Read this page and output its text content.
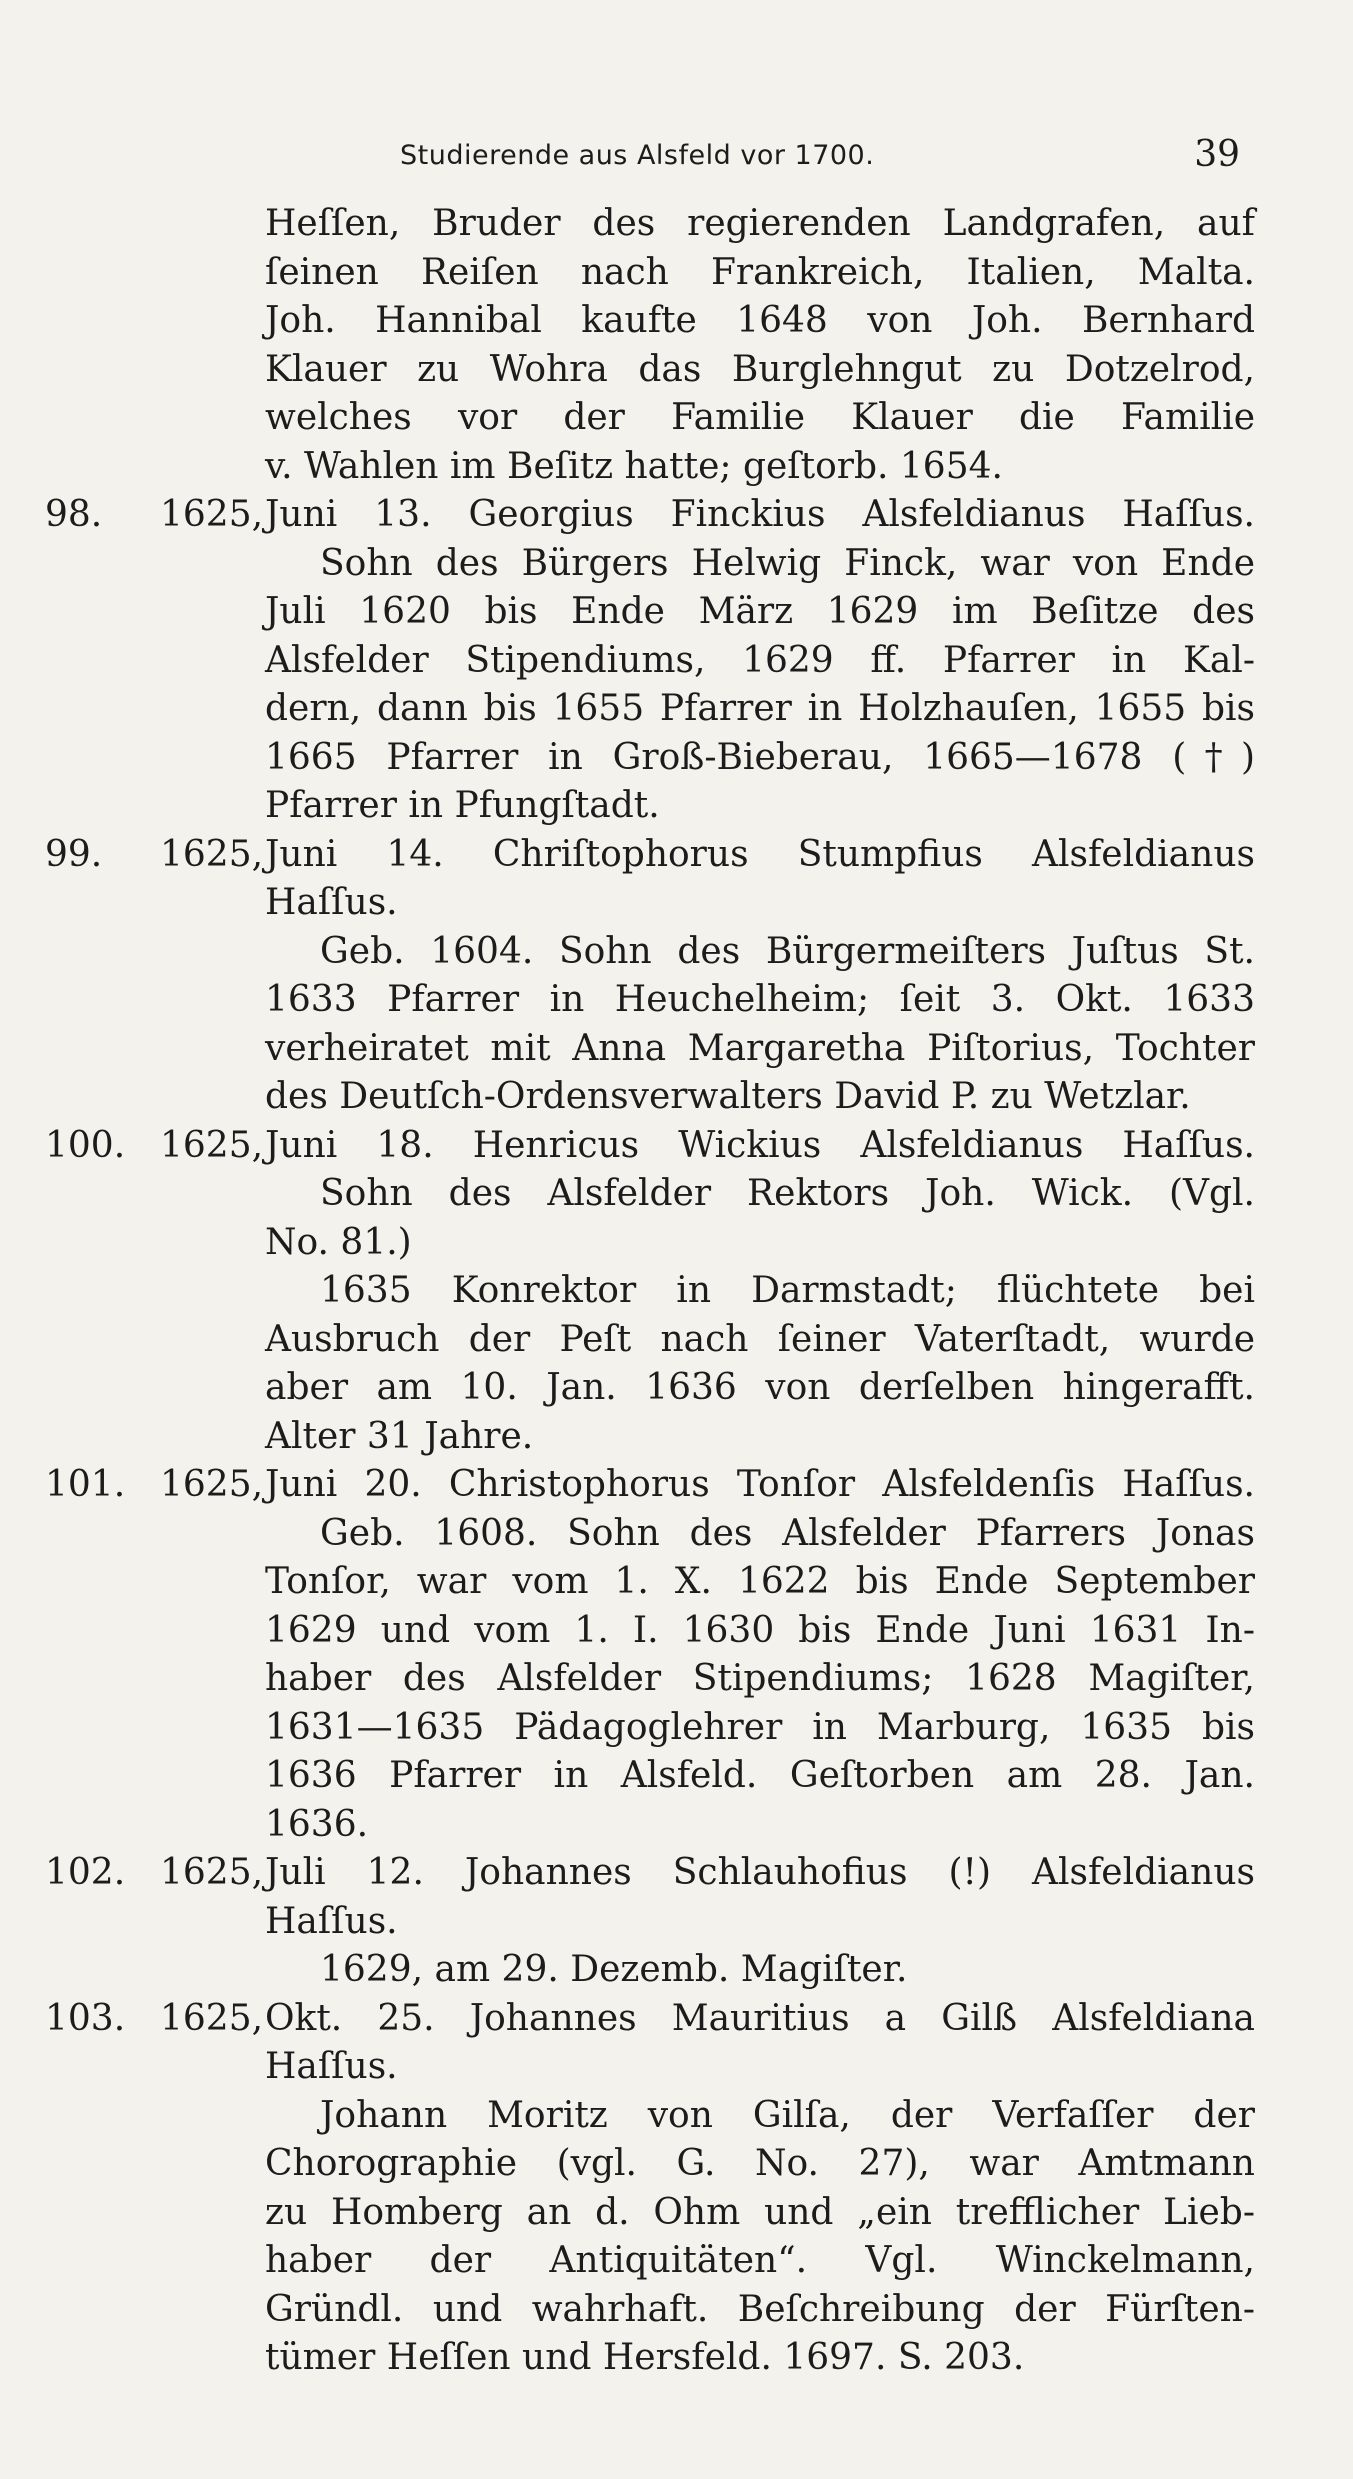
Studierende aus Alsfeld vor 1700.	39
Heſſen, Bruder des regierenden Landgrafen, auf
ſeinen Reiſen nach Frankreich, Italien, Malta.
Joh. Hannibal kaufte 1648 von Joh. Bernhard
Klauer zu Wohra das Burglehngut zu Dotzelrod,
welches vor der Familie Klauer die Familie
v. Wahlen im Beſitz hatte; geſtorb. 1654.
98. 1625, Juni 13. Georgius Finckius Alsfeldianus Haſſus.
Sohn des Bürgers Helwig Finck, war von Ende
Juli 1620 bis Ende März 1629 im Beſitze des
Alsfelder Stipendiums, 1629 ff. Pfarrer in Kal-
dern, dann bis 1655 Pfarrer in Holzhauſen, 1655 bis
1665 Pfarrer in Groß-Bieberau, 1665—1678 (†)
Pfarrer in Pfungſtadt.
99. 1625, Juni 14. Chriſtophorus Stumpfius Alsfeldianus
Haſſus.
Geb. 1604. Sohn des Bürgermeiſters Juſtus St.
1633 Pfarrer in Heuchelheim; ſeit 3. Okt. 1633
verheiratet mit Anna Margaretha Piſtorius, Tochter
des Deutſch-Ordensverwalters David P. zu Wetzlar.
100. 1625, Juni 18. Henricus Wickius Alsfeldianus Haſſus.
Sohn des Alsfelder Rektors Joh. Wick. (Vgl.
No. 81.)
1635 Konrektor in Darmstadt; flüchtete bei
Ausbruch der Peſt nach ſeiner Vaterſtadt, wurde
aber am 10. Jan. 1636 von derſelben hingerafft.
Alter 31 Jahre.
101. 1625, Juni 20. Christophorus Tonſor Alsfeldenſis Haſſus.
Geb. 1608. Sohn des Alsfelder Pfarrers Jonas
Tonſor, war vom 1. X. 1622 bis Ende September
1629 und vom 1. I. 1630 bis Ende Juni 1631 In-
haber des Alsfelder Stipendiums; 1628 Magiſter,
1631—1635 Pädagoglehrer in Marburg, 1635 bis
1636 Pfarrer in Alsfeld. Geſtorben am 28. Jan.
1636.
102. 1625, Juli 12. Johannes Schlauhofius (!) Alsfeldianus
Haſſus.
1629, am 29. Dezemb. Magiſter.
103. 1625, Okt. 25. Johannes Mauritius a Gilß Alsfeldiana
Haſſus.
Johann Moritz von Gilſa, der Verfaſſer der
Chorographie (vgl. G. No. 27), war Amtmann
zu Homberg an d. Ohm und „ein trefflicher Lieb-
haber der Antiquitäten“. Vgl. Winckelmann,
Gründl. und wahrhaft. Beſchreibung der Fürſten-
tümer Heſſen und Hersfeld. 1697. S. 203.
